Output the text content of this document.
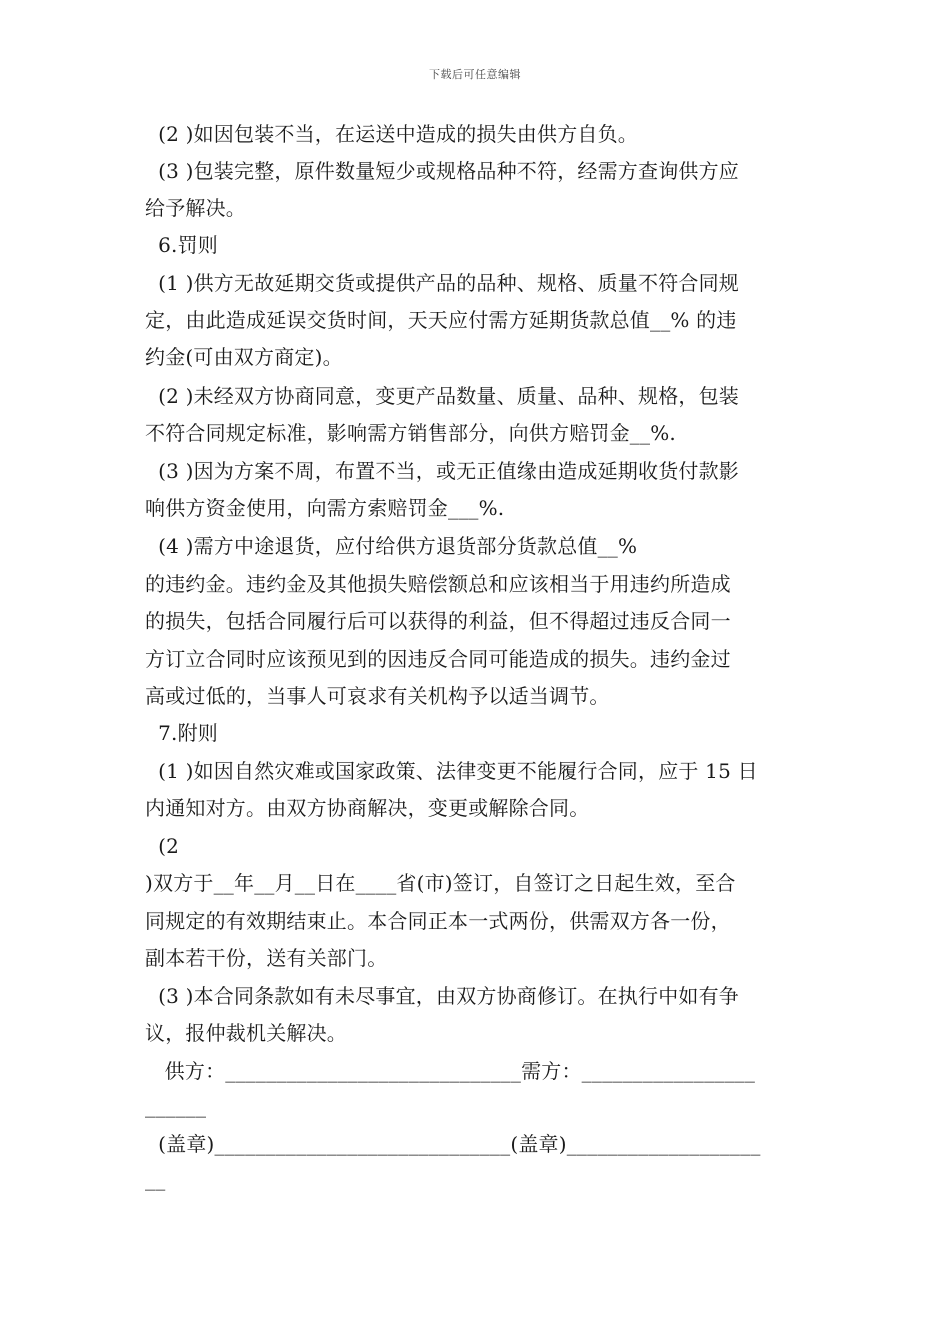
下载后可任意编辑
(2 )如因包装不当，在运送中造成的损失由供方自负。
(3 )包装完整，原件数量短少或规格品种不符，经需方查询供方应
给予解决。
6.罚则
(1 )供方无故延期交货或提供产品的品种、规格、质量不符合同规
定，由此造成延误交货时间，天天应付需方延期货款总值__% 的违
约金(可由双方商定)。
(2 )未经双方协商同意，变更产品数量、质量、品种、规格，包装
不符合同规定标准，影响需方销售部分，向供方赔罚金__%.
(3 )因为方案不周，布置不当，或无正值缘由造成延期收货付款影
响供方资金使用，向需方索赔罚金___%.
(4 )需方中途退货，应付给供方退货部分货款总值__%
的违约金。违约金及其他损失赔偿额总和应该相当于用违约所造成
的损失，包括合同履行后可以获得的利益，但不得超过违反合同一
方订立合同时应该预见到的因违反合同可能造成的损失。违约金过
高或过低的，当事人可哀求有关机构予以适当调节。
7.附则
(1 )如因自然灾难或国家政策、法律变更不能履行合同，应于 15 日
内通知对方。由双方协商解决，变更或解除合同。
(2
)双方于__年__月__日在____省(市)签订，自签订之日起生效，至合
同规定的有效期结束止。本合同正本一式两份，供需双方各一份，
副本若干份，送有关部门。
(3 )本合同条款如有未尽事宜，由双方协商修订。在执行中如有争
议，报仲裁机关解决。
供方：_____________________________需方：_________________
______
(盖章)_____________________________(盖章)___________________
__
